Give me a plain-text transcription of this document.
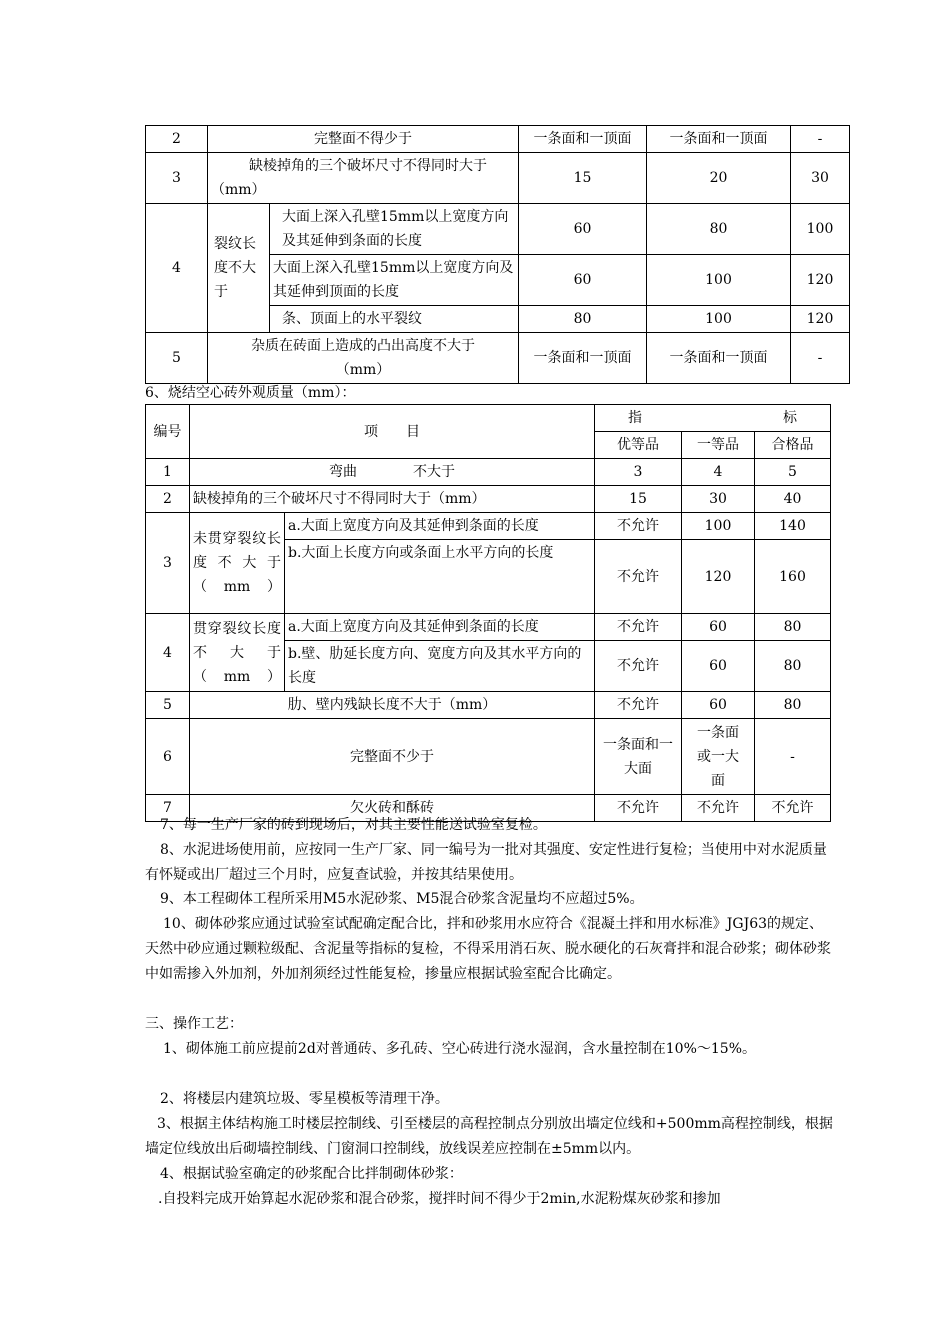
2	完整面不得少于		一条面和一顶面	一条面和一顶面	-
3	缺棱掉角的三个破坏尺寸不得同时大于（mm）		15	20	30
4	裂纹长度不大于	大面上深入孔壁15mm以上宽度方向及其延伸到条面的长度	60	80	100
		大面上深入孔壁15mm以上宽度方向及其延伸到顶面的长度	60	100	120
		条、顶面上的水平裂纹	80	100	120
5	杂质在砖面上造成的凸出高度不大于（mm）		一条面和一顶面	一条面和一顶面	-
6、烧结空心砖外观质量（mm）：
编号	项　　目		指 标		

			优等品	一等品	合格品
1	弯曲　　　　不大于		3	4	5
2	缺棱掉角的三个破坏尺寸不得同时大于（mm）		15	30	40
3	未贯穿裂纹长度不大于（mm）	a.大面上宽度方向及其延伸到条面的长度	不允许	100	140
		b.大面上长度方向或条面上水平方向的长度	不允许	120	160
4	贯穿裂纹长度不大于（mm）	a.大面上宽度方向及其延伸到条面的长度	不允许	60	80
		b.壁、肋延长度方向、宽度方向及其水平方向的长度	不允许	60	80
5	肋、壁内残缺长度不大于（mm）		不允许	60	80
6	完整面不少于		一条面和一大面	一条面或一大面	-
7	欠火砖和酥砖		不允许	不允许	不允许
7、每一生产厂家的砖到现场后，对其主要性能送试验室复检。
8、水泥进场使用前，应按同一生产厂家、同一编号为一批对其强度、安定性进行复检；当使用中对水泥质量有怀疑或出厂超过三个月时，应复查试验，并按其结果使用。
9、本工程砌体工程所采用M5水泥砂浆、M5混合砂浆含泥量均不应超过5%。
10、砌体砂浆应通过试验室试配确定配合比，拌和砂浆用水应符合《混凝土拌和用水标准》JGJ63的规定、天然中砂应通过颗粒级配、含泥量等指标的复检，不得采用消石灰、脱水硬化的石灰膏拌和混合砂浆；砌体砂浆中如需掺入外加剂，外加剂须经过性能复检，掺量应根据试验室配合比确定。
三、操作工艺：
1、砌体施工前应提前2d对普通砖、多孔砖、空心砖进行浇水湿润，含水量控制在10%～15%。
2、将楼层内建筑垃圾、零星模板等清理干净。
3、根据主体结构施工时楼层控制线、引至楼层的高程控制点分别放出墙定位线和+500mm高程控制线，根据墙定位线放出后砌墙控制线、门窗洞口控制线，放线误差应控制在±5mm以内。
4、根据试验室确定的砂浆配合比拌制砌体砂浆：
.自投料完成开始算起水泥砂浆和混合砂浆，搅拌时间不得少于2min,水泥粉煤灰砂浆和掺加
